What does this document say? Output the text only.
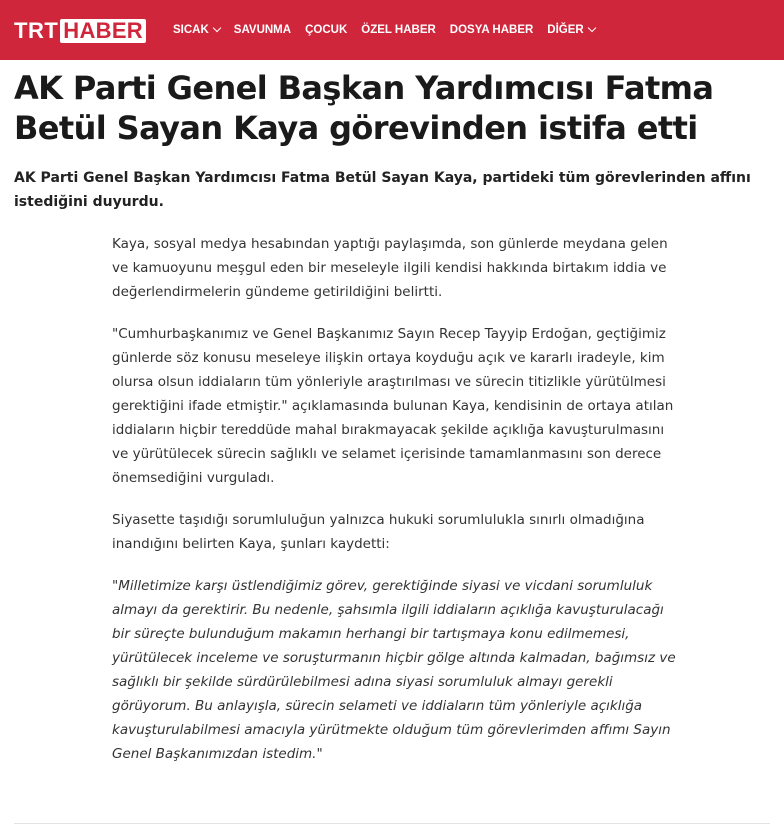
TRT HABER	SICAK SAVUNMA ÇOCUK ÖZEL HABER DOSYA HABER DİĞER
AK Parti Genel Başkan Yardımcısı Fatma Betül Sayan Kaya görevinden istifa etti

AK Parti Genel Başkan Yardımcısı Fatma Betül Sayan Kaya, partideki tüm görevlerinden affını istediğini duyurdu.

Kaya, sosyal medya hesabından yaptığı paylaşımda, son günlerde meydana gelen ve kamuoyunu meşgul eden bir meseleyle ilgili kendisi hakkında birtakım iddia ve değerlendirmelerin gündeme getirildiğini belirtti.

"Cumhurbaşkanımız ve Genel Başkanımız Sayın Recep Tayyip Erdoğan, geçtiğimiz günlerde söz konusu meseleye ilişkin ortaya koyduğu açık ve kararlı iradeyle, kim olursa olsun iddiaların tüm yönleriyle araştırılması ve sürecin titizlikle yürütülmesi gerektiğini ifade etmiştir." açıklamasında bulunan Kaya, kendisinin de ortaya atılan iddiaların hiçbir tereddüde mahal bırakmayacak şekilde açıklığa kavuşturulmasını ve yürütülecek sürecin sağlıklı ve selamet içerisinde tamamlanmasını son derece önemsediğini vurguladı.

Siyasette taşıdığı sorumluluğun yalnızca hukuki sorumlulukla sınırlı olmadığına inandığını belirten Kaya, şunları kaydetti:

"Milletimize karşı üstlendiğimiz görev, gerektiğinde siyasi ve vicdani sorumluluk almayı da gerektirir. Bu nedenle, şahsımla ilgili iddiaların açıklığa kavuşturulacağı bir süreçte bulunduğum makamın herhangi bir tartışmaya konu edilmemesi, yürütülecek inceleme ve soruşturmanın hiçbir gölge altında kalmadan, bağımsız ve sağlıklı bir şekilde sürdürülebilmesi adına siyasi sorumluluk almayı gerekli görüyorum. Bu anlayışla, sürecin selameti ve iddiaların tüm yönleriyle açıklığa kavuşturulabilmesi amacıyla yürütmekte olduğum tüm görevlerimden affımı Sayın Genel Başkanımızdan istedim."
